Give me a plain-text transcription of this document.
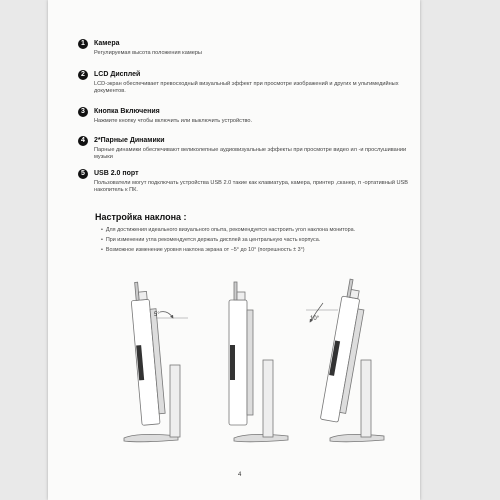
1	Камера
Регулируемая высота положения камеры
2	LCD Дисплей
LCD-экран обеспечивает превосходный визуальный эффект при просмотре изображений и других м ультимедийных документов.
3	Кнопка Включения
Нажмите кнопку чтобы включить или выключить устройство.
4	2*Парные Динамики
Парные динамики обеспечивают великолепные аудиовизуальные эффекты при просмотре видео ил -и прослушивании музыки
5	USB 2.0 порт
Пользователи могут подключать устройства USB 2.0 такие как клавиатура, камера, принтер ,сканер, п -ортативный USB накопитель к ПК.
Настройка наклона :
• Для достижения идеального визуального опыта, рекомендуется настроить угол наклона монитора.
• При изменении угла рекомендуется держать дисплей за центральную часть корпуса.
• Возможное изменение уровня наклона экрана от −5° до 10° (погрешность ± 3°)
5°
10°
4
